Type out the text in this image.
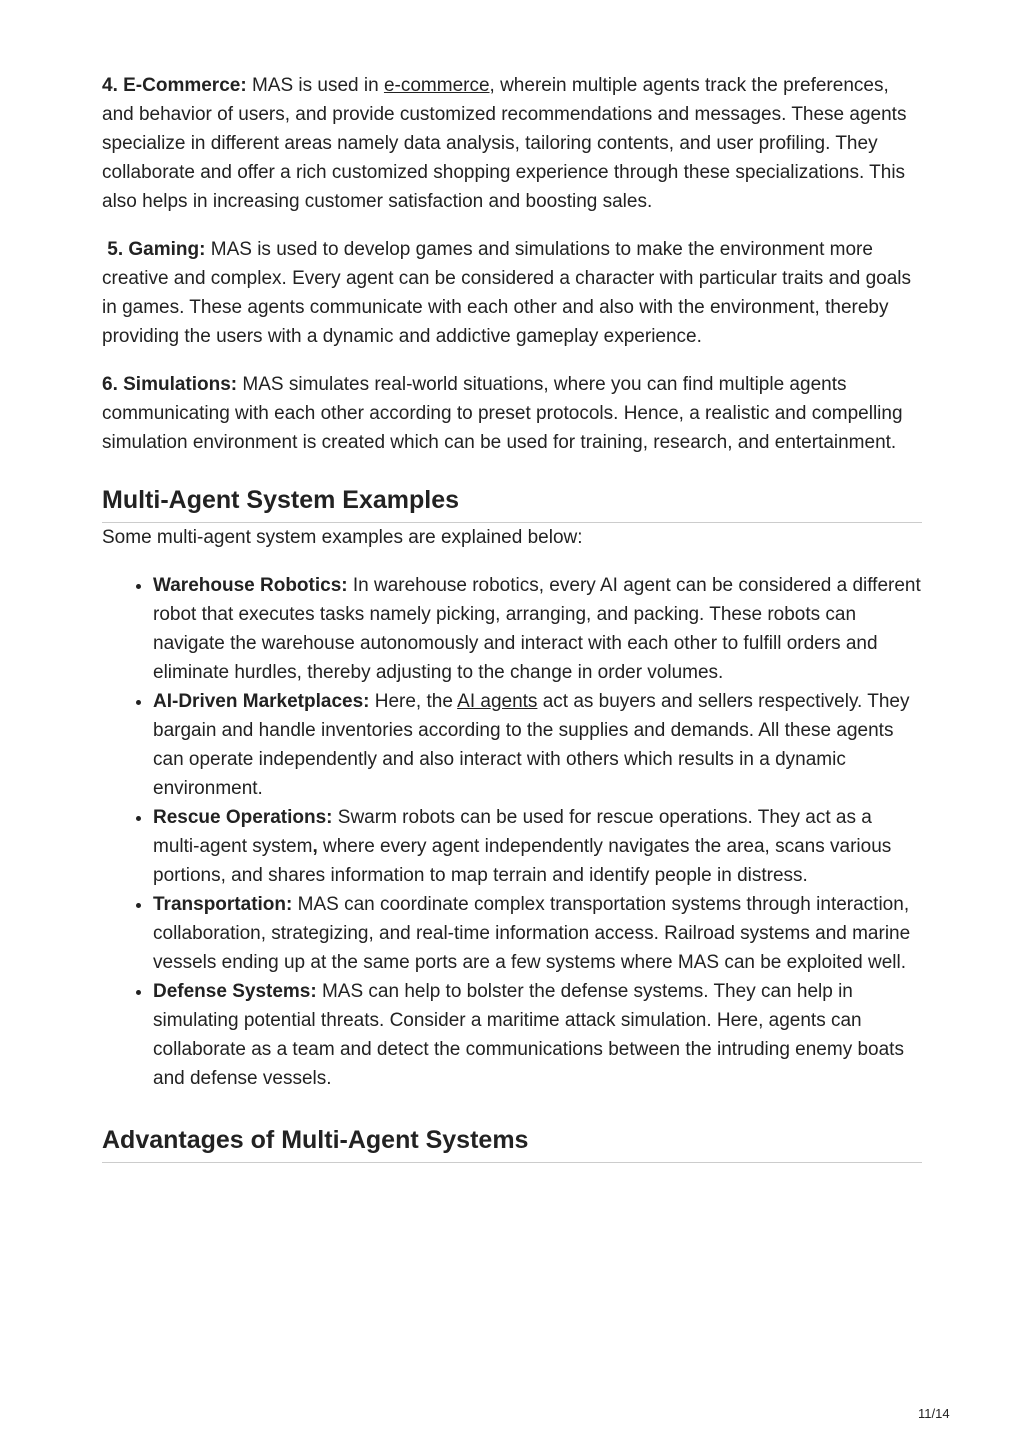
4. E-Commerce: MAS is used in e-commerce, wherein multiple agents track the preferences, and behavior of users, and provide customized recommendations and messages. These agents specialize in different areas namely data analysis, tailoring contents, and user profiling. They collaborate and offer a rich customized shopping experience through these specializations. This also helps in increasing customer satisfaction and boosting sales.

5. Gaming: MAS is used to develop games and simulations to make the environment more creative and complex. Every agent can be considered a character with particular traits and goals in games. These agents communicate with each other and also with the environment, thereby providing the users with a dynamic and addictive gameplay experience.

6. Simulations: MAS simulates real-world situations, where you can find multiple agents communicating with each other according to preset protocols. Hence, a realistic and compelling simulation environment is created which can be used for training, research, and entertainment.

Multi-Agent System Examples

Some multi-agent system examples are explained below:

• Warehouse Robotics: In warehouse robotics, every AI agent can be considered a different robot that executes tasks namely picking, arranging, and packing. These robots can navigate the warehouse autonomously and interact with each other to fulfill orders and eliminate hurdles, thereby adjusting to the change in order volumes.
• AI-Driven Marketplaces: Here, the AI agents act as buyers and sellers respectively. They bargain and handle inventories according to the supplies and demands. All these agents can operate independently and also interact with others which results in a dynamic environment.
• Rescue Operations: Swarm robots can be used for rescue operations. They act as a multi-agent system, where every agent independently navigates the area, scans various portions, and shares information to map terrain and identify people in distress.
• Transportation: MAS can coordinate complex transportation systems through interaction, collaboration, strategizing, and real-time information access. Railroad systems and marine vessels ending up at the same ports are a few systems where MAS can be exploited well.
• Defense Systems: MAS can help to bolster the defense systems. They can help in simulating potential threats. Consider a maritime attack simulation. Here, agents can collaborate as a team and detect the communications between the intruding enemy boats and defense vessels.
Advantages of Multi-Agent Systems
11/14
